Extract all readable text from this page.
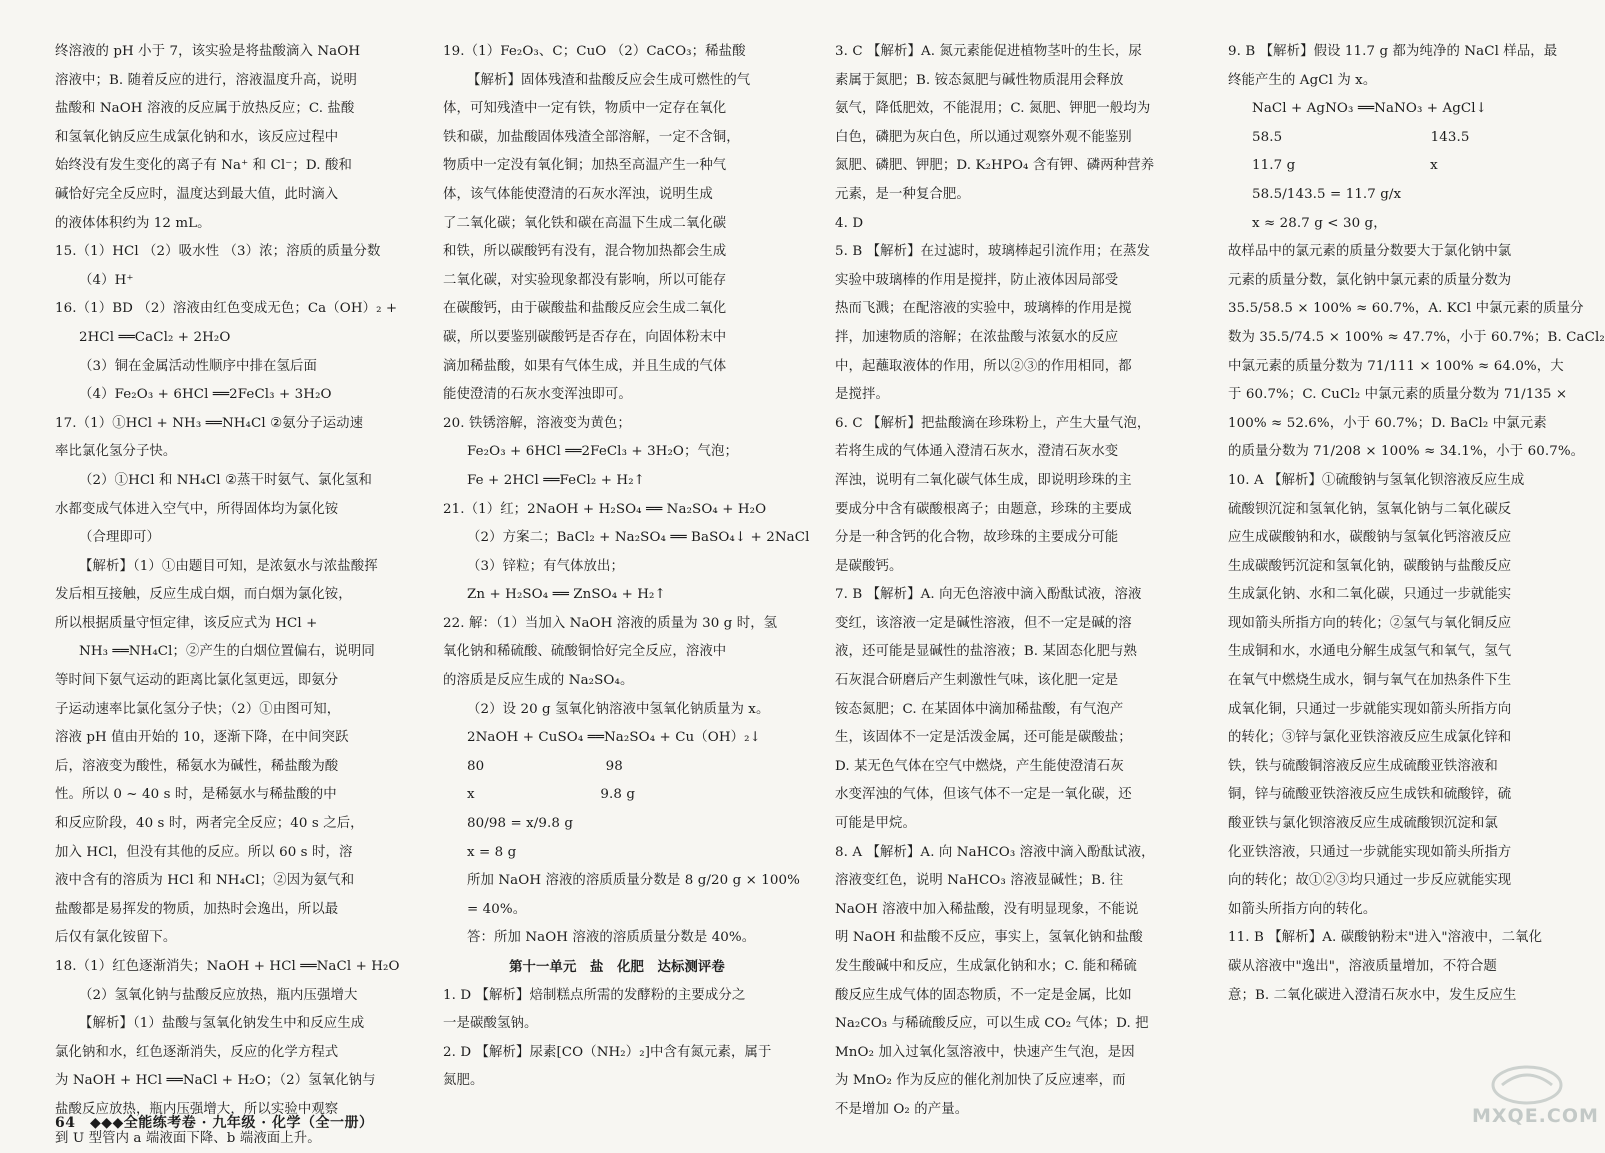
终溶液的 pH 小于 7，该实验是将盐酸滴入 NaOH
溶液中；B. 随着反应的进行，溶液温度升高，说明
盐酸和 NaOH 溶液的反应属于放热反应；C. 盐酸
和氢氧化钠反应生成氯化钠和水，该反应过程中
始终没有发生变化的离子有 Na⁺ 和 Cl⁻；D. 酸和
碱恰好完全反应时，温度达到最大值，此时滴入
的液体体积约为 12 mL。
15.（1）HCl （2）吸水性 （3）浓；溶质的质量分数
（4）H⁺
16.（1）BD （2）溶液由红色变成无色；Ca（OH）₂ +
2HCl ══CaCl₂ + 2H₂O
（3）铜在金属活动性顺序中排在氢后面
（4）Fe₂O₃ + 6HCl ══2FeCl₃ + 3H₂O
17.（1）①HCl + NH₃ ══NH₄Cl ②氨分子运动速
率比氯化氢分子快。
（2）①HCl 和 NH₄Cl ②蒸干时氨气、氯化氢和
水都变成气体进入空气中，所得固体均为氯化铵
（合理即可）
【解析】（1）①由题目可知，是浓氨水与浓盐酸挥
发后相互接触，反应生成白烟，而白烟为氯化铵，
所以根据质量守恒定律，该反应式为 HCl +
NH₃ ══NH₄Cl；②产生的白烟位置偏右，说明同
等时间下氨气运动的距离比氯化氢更远，即氨分
子运动速率比氯化氢分子快；（2）①由图可知，
溶液 pH 值由开始的 10，逐渐下降，在中间突跃
后，溶液变为酸性，稀氨水为碱性，稀盐酸为酸
性。所以 0 ~ 40 s 时，是稀氨水与稀盐酸的中
和反应阶段，40 s 时，两者完全反应；40 s 之后，
加入 HCl，但没有其他的反应。所以 60 s 时，溶
液中含有的溶质为 HCl 和 NH₄Cl；②因为氨气和
盐酸都是易挥发的物质，加热时会逸出，所以最
后仅有氯化铵留下。
18.（1）红色逐渐消失；NaOH + HCl ══NaCl + H₂O
（2）氢氧化钠与盐酸反应放热，瓶内压强增大
【解析】（1）盐酸与氢氧化钠发生中和反应生成
氯化钠和水，红色逐渐消失，反应的化学方程式
为 NaOH + HCl ══NaCl + H₂O；（2）氢氧化钠与
盐酸反应放热，瓶内压强增大，所以实验中观察
到 U 型管内 a 端液面下降、b 端液面上升。
19.（1）Fe₂O₃、C；CuO （2）CaCO₃；稀盐酸
【解析】固体残渣和盐酸反应会生成可燃性的气
体，可知残渣中一定有铁，物质中一定存在氧化
铁和碳，加盐酸固体残渣全部溶解，一定不含铜，
物质中一定没有氧化铜；加热至高温产生一种气
体，该气体能使澄清的石灰水浑浊，说明生成
了二氧化碳；氧化铁和碳在高温下生成二氧化碳
和铁，所以碳酸钙有没有，混合物加热都会生成
二氧化碳，对实验现象都没有影响，所以可能存
在碳酸钙，由于碳酸盐和盐酸反应会生成二氧化
碳，所以要鉴别碳酸钙是否存在，向固体粉末中
滴加稀盐酸，如果有气体生成，并且生成的气体
能使澄清的石灰水变浑浊即可。
20. 铁锈溶解，溶液变为黄色；
Fe₂O₃ + 6HCl ══2FeCl₃ + 3H₂O；气泡；
Fe + 2HCl ══FeCl₂ + H₂↑
21.（1）红；2NaOH + H₂SO₄ ══ Na₂SO₄ + H₂O
（2）方案二；BaCl₂ + Na₂SO₄ ══ BaSO₄↓ + 2NaCl
（3）锌粒；有气体放出；
Zn + H₂SO₄ ══ ZnSO₄ + H₂↑
22. 解：（1）当加入 NaOH 溶液的质量为 30 g 时，氢
氧化钠和稀硫酸、硫酸铜恰好完全反应，溶液中
的溶质是反应生成的 Na₂SO₄。
（2）设 20 g 氢氧化钠溶液中氢氧化钠质量为 x。
2NaOH + CuSO₄ ══Na₂SO₄ + Cu（OH）₂↓
80　　　　　　　　　98
x　　　　　　　　　 9.8 g
80/98 = x/9.8 g
x = 8 g
所加 NaOH 溶液的溶质质量分数是 8 g/20 g × 100%
= 40%。
答：所加 NaOH 溶液的溶质质量分数是 40%。
第十一单元　盐　化肥　达标测评卷
1. D 【解析】焙制糕点所需的发酵粉的主要成分之
一是碳酸氢钠。
2. D 【解析】尿素[CO（NH₂）₂]中含有氮元素，属于
氮肥。
3. C 【解析】A. 氮元素能促进植物茎叶的生长，尿
素属于氮肥；B. 铵态氮肥与碱性物质混用会释放
氨气，降低肥效，不能混用；C. 氮肥、钾肥一般均为
白色，磷肥为灰白色，所以通过观察外观不能鉴别
氮肥、磷肥、钾肥；D. K₂HPO₄ 含有钾、磷两种营养
元素，是一种复合肥。
4. D
5. B 【解析】在过滤时，玻璃棒起引流作用；在蒸发
实验中玻璃棒的作用是搅拌，防止液体因局部受
热而飞溅；在配溶液的实验中，玻璃棒的作用是搅
拌，加速物质的溶解；在浓盐酸与浓氨水的反应
中，起蘸取液体的作用，所以②③的作用相同，都
是搅拌。
6. C 【解析】把盐酸滴在珍珠粉上，产生大量气泡，
若将生成的气体通入澄清石灰水，澄清石灰水变
浑浊，说明有二氧化碳气体生成，即说明珍珠的主
要成分中含有碳酸根离子；由题意，珍珠的主要成
分是一种含钙的化合物，故珍珠的主要成分可能
是碳酸钙。
7. B 【解析】A. 向无色溶液中滴入酚酞试液，溶液
变红，该溶液一定是碱性溶液，但不一定是碱的溶
液，还可能是显碱性的盐溶液；B. 某固态化肥与熟
石灰混合研磨后产生刺激性气味，该化肥一定是
铵态氮肥；C. 在某固体中滴加稀盐酸，有气泡产
生，该固体不一定是活泼金属，还可能是碳酸盐；
D. 某无色气体在空气中燃烧，产生能使澄清石灰
水变浑浊的气体，但该气体不一定是一氧化碳，还
可能是甲烷。
8. A 【解析】A. 向 NaHCO₃ 溶液中滴入酚酞试液，
溶液变红色，说明 NaHCO₃ 溶液显碱性；B. 往
NaOH 溶液中加入稀盐酸，没有明显现象，不能说
明 NaOH 和盐酸不反应，事实上，氢氧化钠和盐酸
发生酸碱中和反应，生成氯化钠和水；C. 能和稀硫
酸反应生成气体的固态物质，不一定是金属，比如
Na₂CO₃ 与稀硫酸反应，可以生成 CO₂ 气体；D. 把
MnO₂ 加入过氧化氢溶液中，快速产生气泡，是因
为 MnO₂ 作为反应的催化剂加快了反应速率，而
不是增加 O₂ 的产量。
9. B 【解析】假设 11.7 g 都为纯净的 NaCl 样品，最
终能产生的 AgCl 为 x。
NaCl + AgNO₃ ══NaNO₃ + AgCl↓
58.5　　　　　　　　　　　143.5
11.7 g　　　　　　　　　　x
58.5/143.5 = 11.7 g/x
x ≈ 28.7 g < 30 g，
故样品中的氯元素的质量分数要大于氯化钠中氯
元素的质量分数，氯化钠中氯元素的质量分数为
35.5/58.5 × 100% ≈ 60.7%，A. KCl 中氯元素的质量分
数为 35.5/74.5 × 100% ≈ 47.7%，小于 60.7%；B. CaCl₂
中氯元素的质量分数为 71/111 × 100% ≈ 64.0%，大
于 60.7%；C. CuCl₂ 中氯元素的质量分数为 71/135 ×
100% ≈ 52.6%，小于 60.7%；D. BaCl₂ 中氯元素
的质量分数为 71/208 × 100% ≈ 34.1%，小于 60.7%。
10. A 【解析】①硫酸钠与氢氧化钡溶液反应生成
硫酸钡沉淀和氢氧化钠，氢氧化钠与二氧化碳反
应生成碳酸钠和水，碳酸钠与氢氧化钙溶液反应
生成碳酸钙沉淀和氢氧化钠，碳酸钠与盐酸反应
生成氯化钠、水和二氧化碳，只通过一步就能实
现如箭头所指方向的转化；②氢气与氧化铜反应
生成铜和水，水通电分解生成氢气和氧气，氢气
在氧气中燃烧生成水，铜与氧气在加热条件下生
成氧化铜，只通过一步就能实现如箭头所指方向
的转化；③锌与氯化亚铁溶液反应生成氯化锌和
铁，铁与硫酸铜溶液反应生成硫酸亚铁溶液和
铜，锌与硫酸亚铁溶液反应生成铁和硫酸锌，硫
酸亚铁与氯化钡溶液反应生成硫酸钡沉淀和氯
化亚铁溶液，只通过一步就能实现如箭头所指方
向的转化；故①②③均只通过一步反应就能实现
如箭头所指方向的转化。
11. B 【解析】A. 碳酸钠粉末"进入"溶液中，二氧化
碳从溶液中"逸出"，溶液质量增加，不符合题
意；B. 二氧化碳进入澄清石灰水中，发生反应生
64　◆◆◆全能练考卷 · 九年级 · 化学（全一册）	MXQE.COM
